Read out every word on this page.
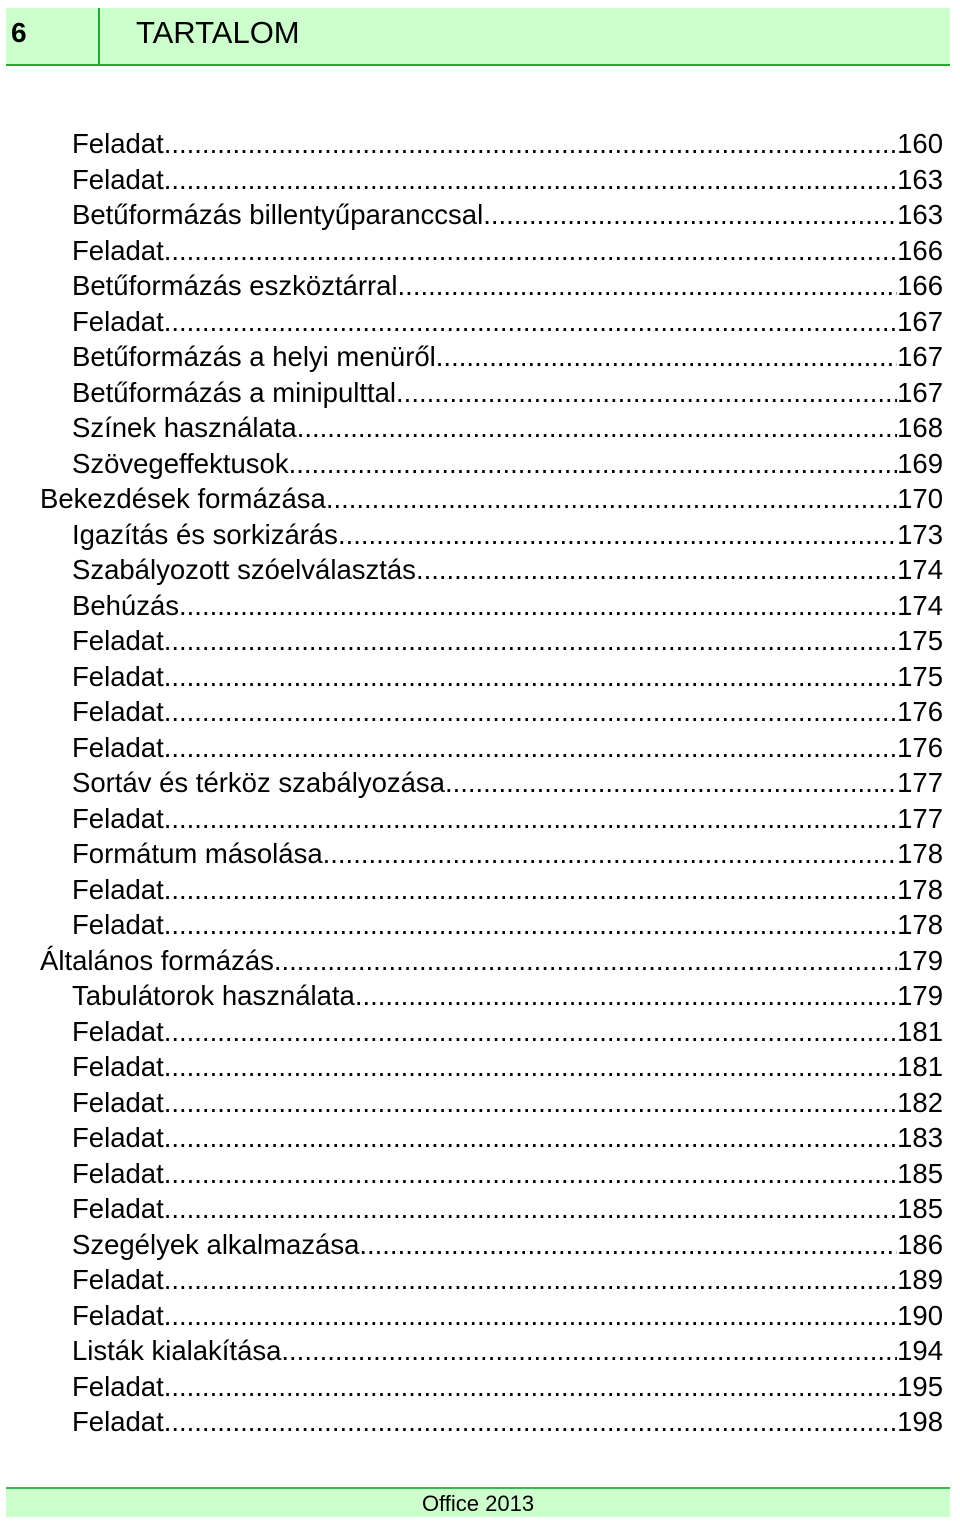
6	TARTALOM
Feladat .....	160
Feladat .....	163
Betűformázás billentyűparanccsal .....	163
Feladat .....	166
Betűformázás eszköztárral .....	166
Feladat .....	167
Betűformázás a helyi menüről .....	167
Betűformázás a minipulttal .....	167
Színek használata .....	168
Szövegeffektusok .....	169
Bekezdések formázása .....	170
Igazítás és sorkizárás .....	173
Szabályozott szóelválasztás .....	174
Behúzás .....	174
Feladat .....	175
Feladat .....	175
Feladat .....	176
Feladat .....	176
Sortáv és térköz szabályozása .....	177
Feladat .....	177
Formátum másolása .....	178
Feladat .....	178
Feladat .....	178
Általános formázás .....	179
Tabulátorok használata .....	179
Feladat .....	181
Feladat .....	181
Feladat .....	182
Feladat .....	183
Feladat .....	185
Feladat .....	185
Szegélyek alkalmazása .....	186
Feladat .....	189
Feladat .....	190
Listák kialakítása .....	194
Feladat .....	195
Feladat .....	198
Office 2013
